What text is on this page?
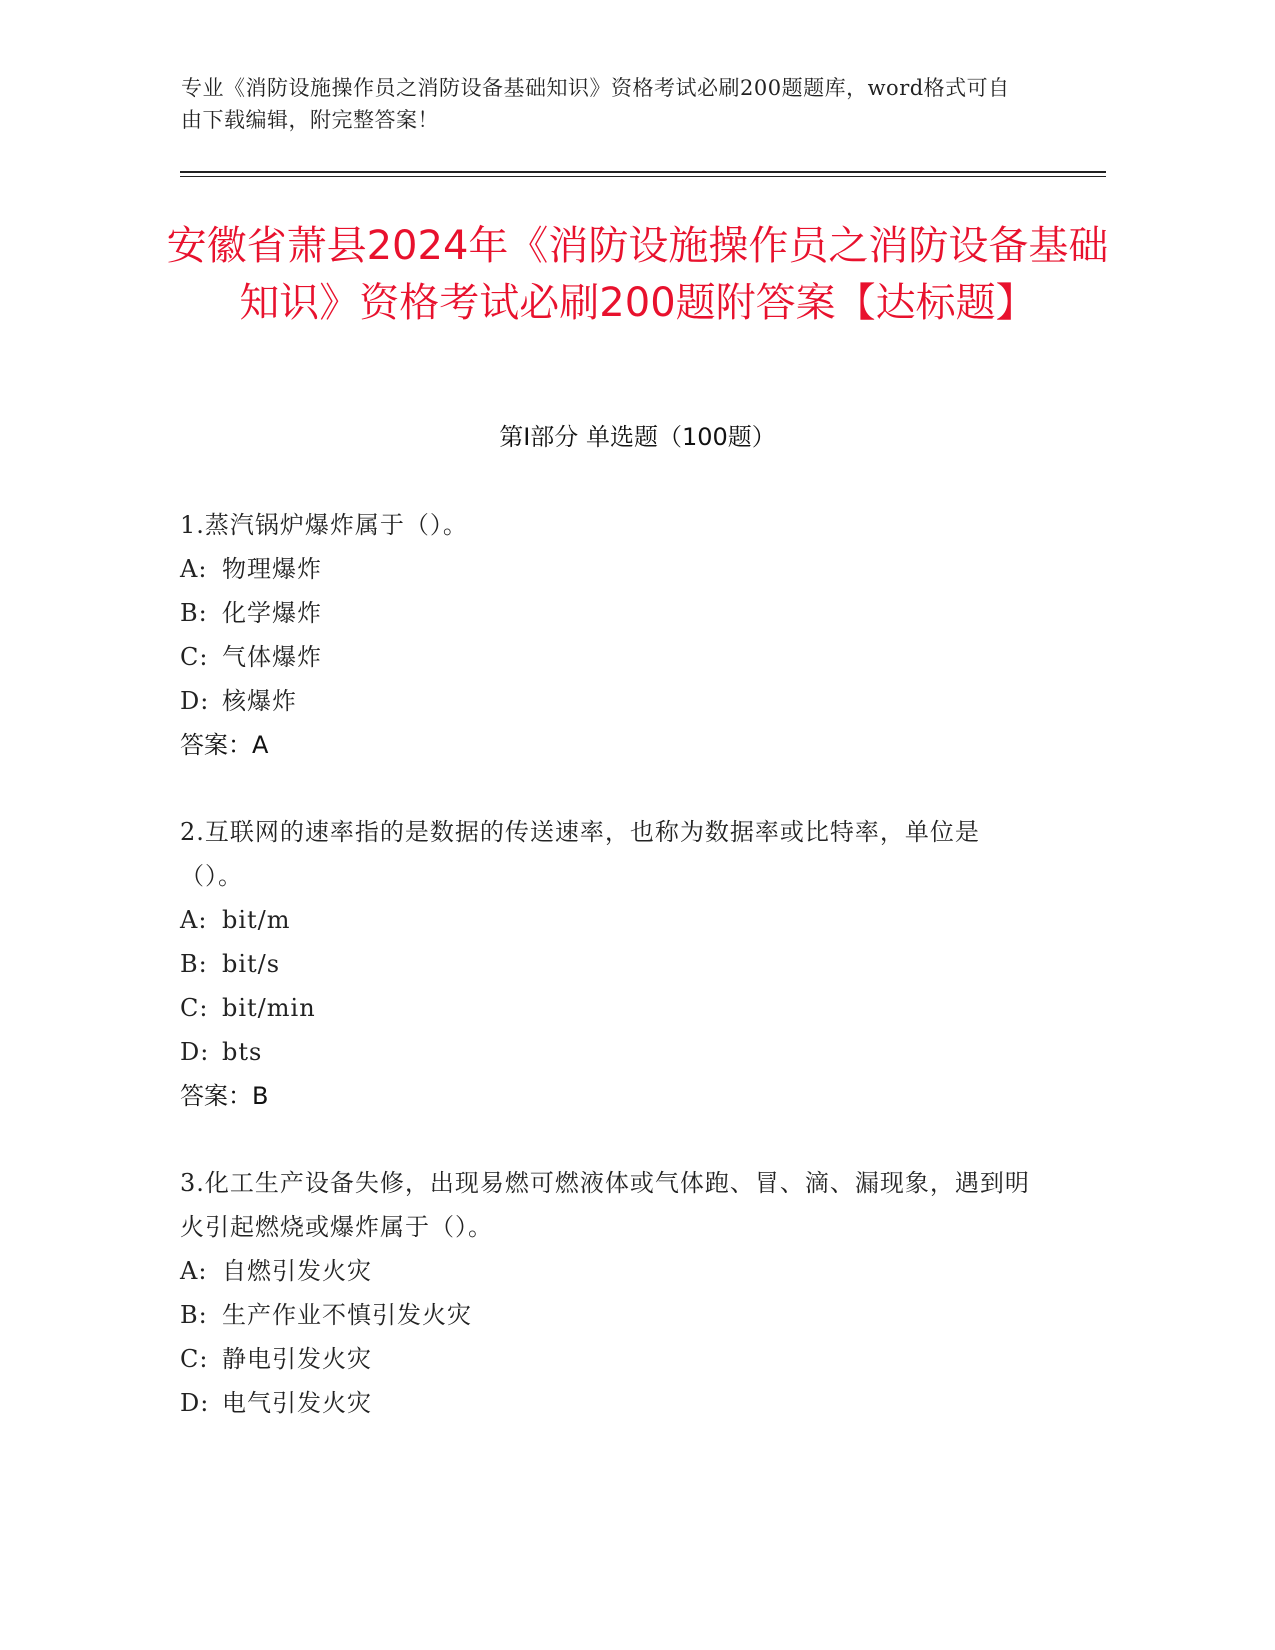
专业《消防设施操作员之消防设备基础知识》资格考试必刷200题题库，word格式可自由下载编辑，附完整答案！
安徽省萧县2024年《消防设施操作员之消防设备基础知识》资格考试必刷200题附答案【达标题】
第Ⅰ部分 单选题（100题）
1.蒸汽锅炉爆炸属于（）。
A: 物理爆炸
B: 化学爆炸
C: 气体爆炸
D: 核爆炸
答案：A
2.互联网的速率指的是数据的传送速率，也称为数据率或比特率，单位是（）。
A: bit/m
B: bit/s
C: bit/min
D: bts
答案：B
3.化工生产设备失修，出现易燃可燃液体或气体跑、冒、滴、漏现象，遇到明火引起燃烧或爆炸属于（）。
A: 自燃引发火灾
B: 生产作业不慎引发火灾
C: 静电引发火灾
D: 电气引发火灾
